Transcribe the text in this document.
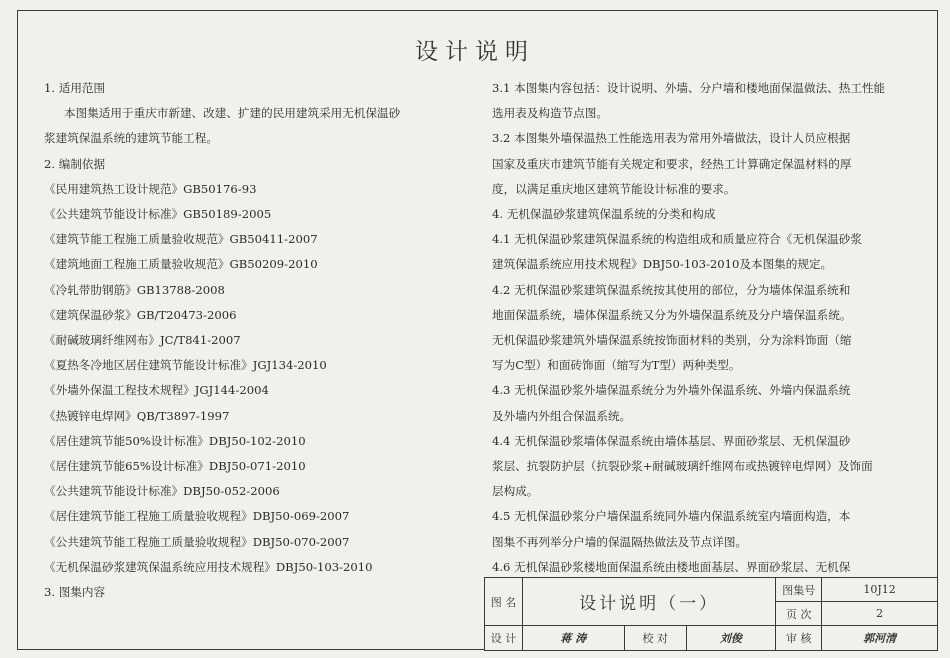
设计说明
1. 适用范围
本图集适用于重庆市新建、改建、扩建的民用建筑采用无机保温砂
浆建筑保温系统的建筑节能工程。
2. 编制依据
《民用建筑热工设计规范》GB50176-93
《公共建筑节能设计标准》GB50189-2005
《建筑节能工程施工质量验收规范》GB50411-2007
《建筑地面工程施工质量验收规范》GB50209-2010
《冷轧带肋钢筋》GB13788-2008
《建筑保温砂浆》GB/T20473-2006
《耐碱玻璃纤维网布》JC/T841-2007
《夏热冬冷地区居住建筑节能设计标准》JGJ134-2010
《外墙外保温工程技术规程》JGJ144-2004
《热镀锌电焊网》QB/T3897-1997
《居住建筑节能50%设计标准》DBJ50-102-2010
《居住建筑节能65%设计标准》DBJ50-071-2010
《公共建筑节能设计标准》DBJ50-052-2006
《居住建筑节能工程施工质量验收规程》DBJ50-069-2007
《公共建筑节能工程施工质量验收规程》DBJ50-070-2007
《无机保温砂浆建筑保温系统应用技术规程》DBJ50-103-2010
3. 图集内容
3.1 本图集内容包括：设计说明、外墙、分户墙和楼地面保温做法、热工性能
选用表及构造节点图。
3.2 本图集外墙保温热工性能选用表为常用外墙做法，设计人员应根据
国家及重庆市建筑节能有关规定和要求，经热工计算确定保温材料的厚
度，以满足重庆地区建筑节能设计标准的要求。
4. 无机保温砂浆建筑保温系统的分类和构成
4.1 无机保温砂浆建筑保温系统的构造组成和质量应符合《无机保温砂浆
建筑保温系统应用技术规程》DBJ50-103-2010及本图集的规定。
4.2 无机保温砂浆建筑保温系统按其使用的部位，分为墙体保温系统和
地面保温系统，墙体保温系统又分为外墙保温系统及分户墙保温系统。
无机保温砂浆建筑外墙保温系统按饰面材料的类别，分为涂料饰面（缩
写为C型）和面砖饰面（缩写为T型）两种类型。
4.3 无机保温砂浆外墙保温系统分为外墙外保温系统、外墙内保温系统
及外墙内外组合保温系统。
4.4 无机保温砂浆墙体保温系统由墙体基层、界面砂浆层、无机保温砂
浆层、抗裂防护层（抗裂砂浆+耐碱玻璃纤维网布或热镀锌电焊网）及饰面
层构成。
4.5 无机保温砂浆分户墙保温系统同外墙内保温系统室内墙面构造，本
图集不再列举分户墙的保温隔热做法及节点详图。
4.6 无机保温砂浆楼地面保温系统由楼地面基层、界面砂浆层、无机保
图 名	设计说明（一）			图集号	10J12
				页 次	2
设 计	蒋 涛	校 对	刘俊	审 核	郭河清
